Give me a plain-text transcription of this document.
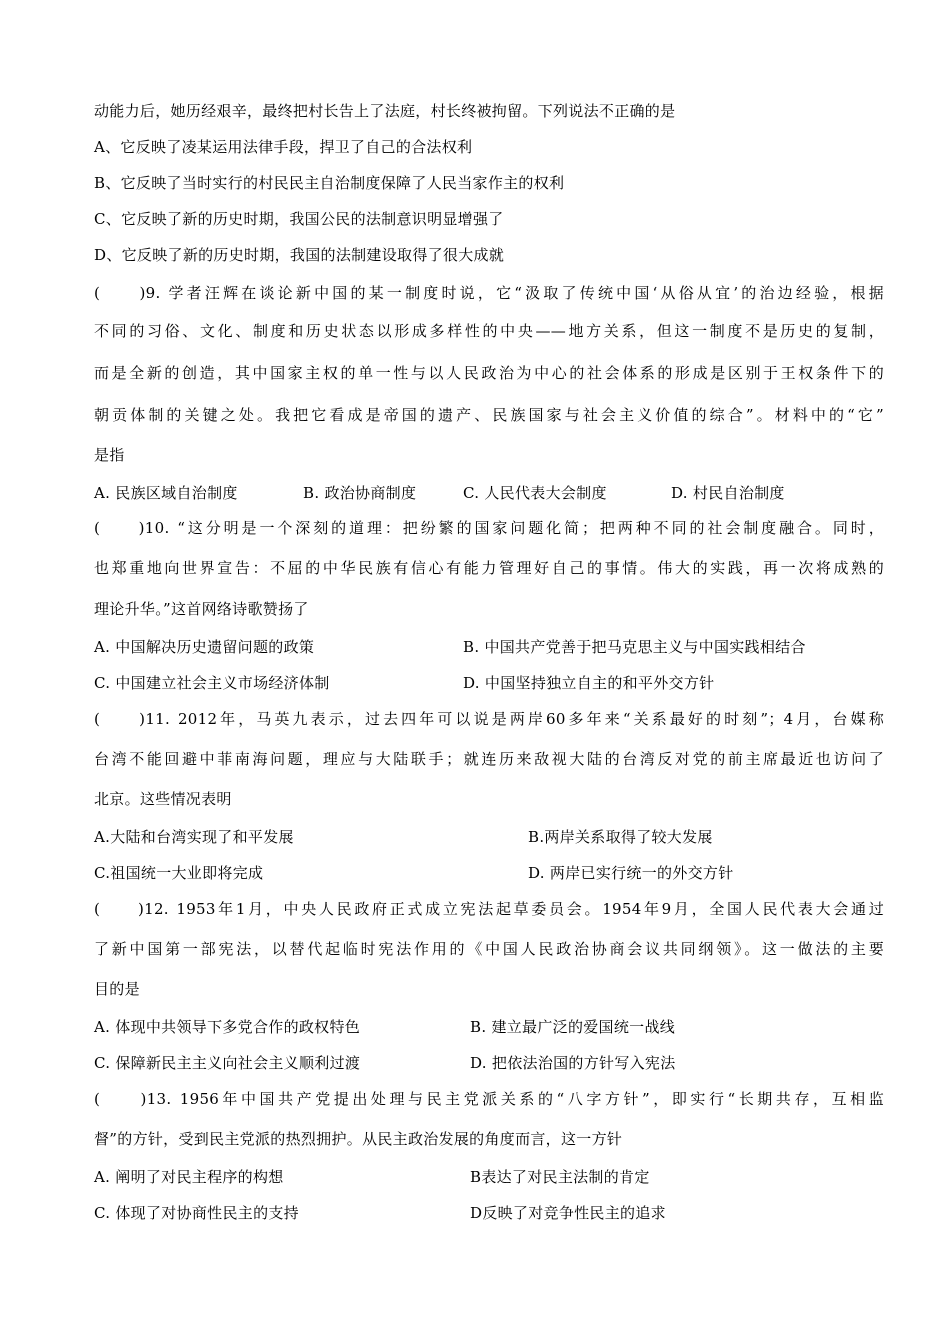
动能力后，她历经艰辛，最终把村长告上了法庭，村长终被拘留。下列说法不正确的是
A、它反映了凌某运用法律手段，捍卫了自己的合法权利
B、它反映了当时实行的村民民主自治制度保障了人民当家作主的权利
C、它反映了新的历史时期，我国公民的法制意识明显增强了
D、它反映了新的历史时期，我国的法制建设取得了很大成就
(　　)9. 学者汪辉在谈论新中国的某一制度时说，它“汲取了传统中国‘从俗从宜’的治边经验，根据
不同的习俗、文化、制度和历史状态以形成多样性的中央——地方关系，但这一制度不是历史的复制，
而是全新的创造，其中国家主权的单一性与以人民政治为中心的社会体系的形成是区别于王权条件下的
朝贡体制的关键之处。我把它看成是帝国的遗产、民族国家与社会主义价值的综合”。材料中的“它”
是指
A. 民族区域自治制度	B. 政治协商制度	C. 人民代表大会制度	D. 村民自治制度
(　　)10. “这分明是一个深刻的道理：把纷繁的国家问题化简；把两种不同的社会制度融合。同时，
也郑重地向世界宣告：不屈的中华民族有信心有能力管理好自己的事情。伟大的实践，再一次将成熟的
理论升华。”这首网络诗歌赞扬了
A. 中国解决历史遗留问题的政策	B. 中国共产党善于把马克思主义与中国实践相结合
C. 中国建立社会主义市场经济体制	D. 中国坚持独立自主的和平外交方针
(　　)11. 2012年，马英九表示，过去四年可以说是两岸60多年来“关系最好的时刻”；4月，台媒称
台湾不能回避中菲南海问题，理应与大陆联手；就连历来敌视大陆的台湾反对党的前主席最近也访问了
北京。这些情况表明
A.大陆和台湾实现了和平发展	B.两岸关系取得了较大发展
C.祖国统一大业即将完成	D. 两岸已实行统一的外交方针
(　　)12. 1953年1月，中央人民政府正式成立宪法起草委员会。1954年9月，全国人民代表大会通过
了新中国第一部宪法，以替代起临时宪法作用的《中国人民政治协商会议共同纲领》。这一做法的主要
目的是
A. 体现中共领导下多党合作的政权特色	B. 建立最广泛的爱国统一战线
C. 保障新民主主义向社会主义顺利过渡	D. 把依法治国的方针写入宪法
(　　)13. 1956年中国共产党提出处理与民主党派关系的“八字方针”，即实行“长期共存，互相监
督”的方针，受到民主党派的热烈拥护。从民主政治发展的角度而言，这一方针
A. 阐明了对民主程序的构想	B表达了对民主法制的肯定
C. 体现了对协商性民主的支持	D反映了对竞争性民主的追求
